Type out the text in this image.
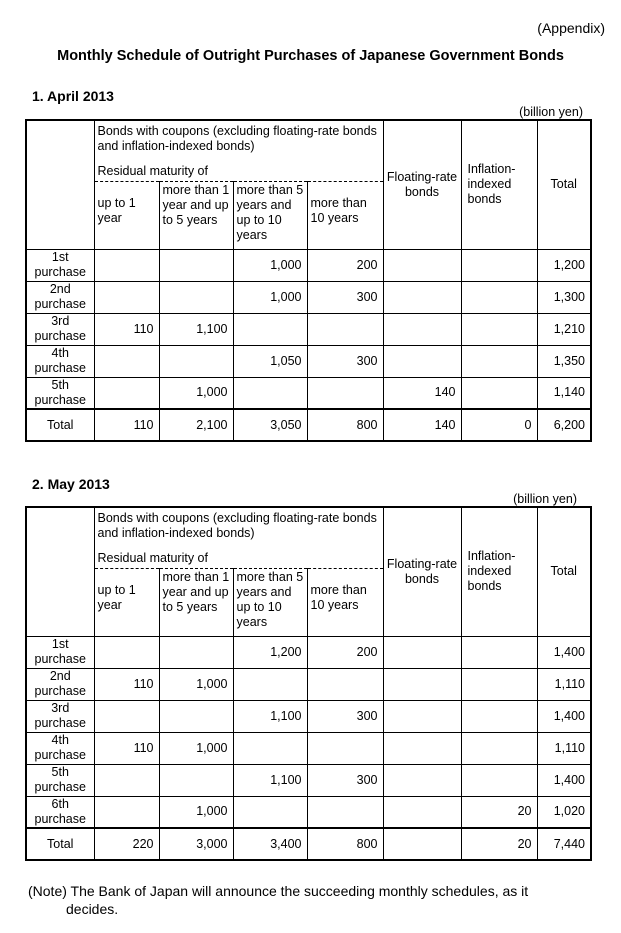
(Appendix)
Monthly Schedule of Outright Purchases of Japanese Government Bonds
1. April 2013
(billion yen)
	Bonds with coupons (excluding floating-rate bonds and inflation-indexed bonds)				Floating-rate bonds	Inflation-indexed bonds	Total
	Residual maturity of						
	up to 1 year	more than 1 year and up to 5 years	more than 5 years and up to 10 years	more than 10 years			
1st purchase			1,000	200			1,200
2nd purchase			1,000	300			1,300
3rd purchase	110	1,100					1,210
4th purchase			1,050	300			1,350
5th purchase		1,000			140		1,140
Total	110	2,100	3,050	800	140	0	6,200
2. May 2013
(billion yen)
	Bonds with coupons (excluding floating-rate bonds and inflation-indexed bonds)				Floating-rate bonds	Inflation-indexed bonds	Total
	Residual maturity of						
	up to 1 year	more than 1 year and up to 5 years	more than 5 years and up to 10 years	more than 10 years			
1st purchase			1,200	200			1,400
2nd purchase	110	1,000					1,110
3rd purchase			1,100	300			1,400
4th purchase	110	1,000					1,110
5th purchase			1,100	300			1,400
6th purchase		1,000				20	1,020
Total	220	3,000	3,400	800		20	7,440
(Note) The Bank of Japan will announce the succeeding monthly schedules, as it
decides.
